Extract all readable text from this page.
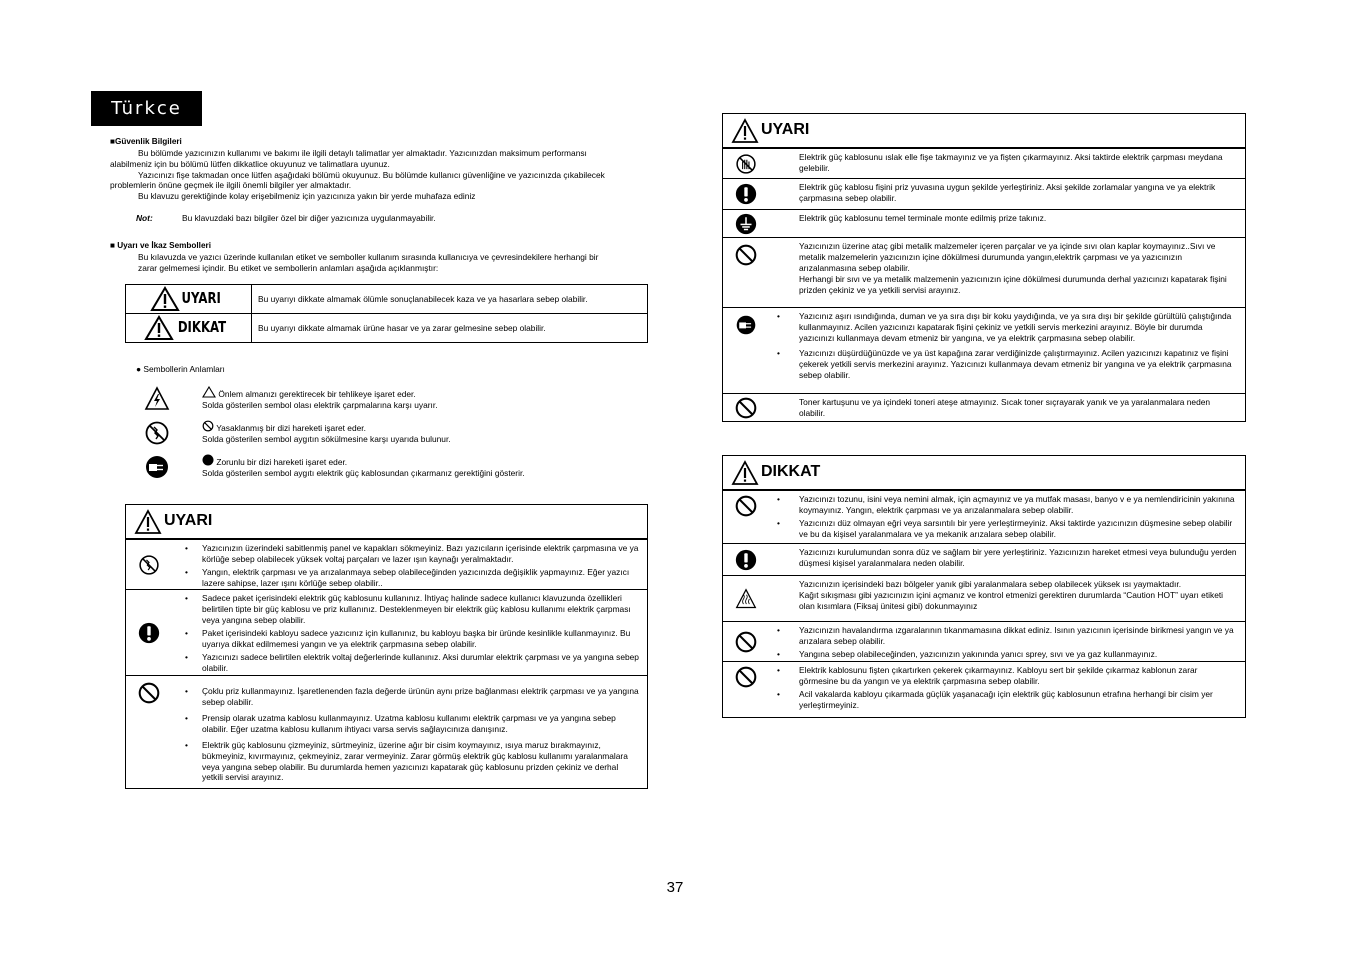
Türkce
■Güvenlik Bilgileri
Bu bölümde yazıcınızın kullanımı ve bakımı ile ilgili detaylı talimatlar yer almaktadır. Yazıcınızdan maksimum performansı
alabilmeniz için bu bölümü lütfen dikkatlice okuyunuz ve talimatlara uyunuz.
Yazıcınızı fişe takmadan once lütfen aşağıdaki bölümü okuyunuz. Bu bölümde kullanıcı güvenliğine ve yazıcınızda çıkabilecek
problemlerin önüne geçmek ile ilgili önemli bilgiler yer almaktadır.
Bu klavuzu gerektiğinde kolay erişebilmeniz için yazıcınıza yakın bir yerde muhafaza ediniz
Not:	Bu klavuzdaki bazı bilgiler özel bir diğer yazıcınıza uygulanmayabilir.
■ Uyarı ve İkaz Sembolleri
Bu kılavuzda ve yazıcı üzerinde kullanılan etiket ve semboller kullanım sırasında kullanıcıya ve çevresindekilere herhangi bir
zarar gelmemesi içindir. Bu etiket ve sembollerin anlamları aşağıda açıklanmıştır:
UYARI	Bu uyarıyı dikkate almamak ölümle sonuçlanabilecek kaza ve ya hasarlara sebep olabilir.
DIKKAT	Bu uyarıyı dikkate almamak ürüne hasar ve ya zarar gelmesine sebep olabilir.
● Sembollerin Anlamları
Önlem almanızı gerektirecek bir tehlikeye işaret eder.
Solda gösterilen sembol olası elektrik çarpmalarına karşı uyarır.
Yasaklanmış bir dizi hareketi işaret eder.
Solda gösterilen sembol aygıtın sökülmesine karşı uyarıda bulunur.
Zorunlu bir dizi hareketi işaret eder.
Solda gösterilen sembol aygıtı elektrik güç kablosundan çıkarmanız gerektiğini gösterir.
UYARI
• Yazıcınızın üzerindeki sabitlenmiş panel ve kapakları sökmeyiniz. Bazı yazıcıların içerisinde elektrik çarpmasına ve ya körlüğe sebep olabilecek yüksek voltaj parçaları ve lazer ışın kaynağı yeralmaktadır.
• Yangın, elektrik çarpması ve ya arızalanmaya sebep olabileceğinden yazıcınızda değişiklik yapmayınız. Eğer yazıcı lazere sahipse, lazer ışını körlüğe sebep olabilir..
• Sadece paket içerisindeki elektrik güç kablosunu kullanınız. İhtiyaç halinde sadece kullanıcı klavuzunda özellikleri belirtilen tipte bir güç kablosu ve priz kullanınız. Desteklenmeyen bir elektrik güç kablosu kullanımı elektrik çarpması veya yangına sebep olabilir.
• Paket içerisindeki kabloyu sadece yazıcınız için kullanınız, bu kabloyu başka bir üründe kesinlikle kullanmayınız. Bu uyarıya dikkat edilmemesi yangın ve ya elektrik çarpmasına sebep olabilir.
• Yazıcınızı sadece belirtilen elektrik voltaj değerlerinde kullanınız. Aksi durumlar elektrik çarpması ve ya yangına sebep olabilir.
• Çoklu priz kullanmayınız. İşaretlenenden fazla değerde ürünün aynı prize bağlanması elektrik çarpması ve ya yangına sebep olabilir.
• Prensip olarak uzatma kablosu kullanmayınız. Uzatma kablosu kullanımı elektrik çarpması ve ya yangına sebep olabilir. Eğer uzatma kablosu kullanım ihtiyacı varsa servis sağlayıcınıza danışınız.
• Elektrik güç kablosunu çizmeyiniz, sürtmeyiniz, üzerine ağır bir cisim koymayınız, ısıya maruz bırakmayınız, bükmeyiniz, kıvırmayınız, çekmeyiniz, zarar vermeyiniz. Zarar görmüş elektrik güç kablosu kullanımı yaralanmalara veya yangına sebep olabilir. Bu durumlarda hemen yazıcınızı kapatarak güç kablosunu prizden çekiniz ve derhal yetkili servisi arayınız.
UYARI
Elektrik güç kablosunu ıslak elle fişe takmayınız ve ya fişten çıkarmayınız. Aksi taktirde elektrik çarpması meydana gelebilir.
Elektrik güç kablosu fişini priz yuvasına uygun şekilde yerleştiriniz. Aksi şekilde zorlamalar yangına ve ya elektrik çarpmasına sebep olabilir.
Elektrik güç kablosunu temel terminale monte edilmiş prize takınız.
Yazıcınızın üzerine ataç gibi metalik malzemeler içeren parçalar ve ya içinde sıvı olan kaplar koymayınız..Sıvı ve metalik malzemelerin yazıcınızın içine dökülmesi durumunda yangın,elektrik çarpması ve ya yazıcınızın arızalanmasına sebep olabilir.
Herhangi bir sıvı ve ya metalik malzemenin yazıcınızın içine dökülmesi durumunda derhal yazıcınızı kapatarak fişini prizden çekiniz ve ya yetkili servisi arayınız.
• Yazıcınız aşırı ısındığında, duman ve ya sıra dışı bir koku yaydığında, ve ya sıra dışı bir şekilde gürültülü çalıştığında kullanmayınız. Acilen yazıcınızı kapatarak fişini çekiniz ve yetkili servis merkezini arayınız. Böyle bir durumda yazıcınızı kullanmaya devam etmeniz bir yangına, ve ya elektrik çarpmasına sebep olabilir.
• Yazıcınızı düşürdüğünüzde ve ya üst kapağına zarar verdiğinizde çalıştırmayınız. Acilen yazıcınızı kapatınız ve fişini çekerek yetkili servis merkezini arayınız. Yazıcınızı kullanmaya devam etmeniz bir yangına ve ya elektrik çarpmasına sebep olabilir.
Toner kartuşunu ve ya içindeki toneri ateşe atmayınız. Sıcak toner sıçrayarak yanık ve ya yaralanmalara neden olabilir.
DIKKAT
• Yazıcınızı tozunu, isini veya nemini almak, için açmayınız ve ya mutfak masası, banyo v e ya nemlendiricinin yakınına koymayınız. Yangın, elektrik çarpması ve ya arızalanmalara sebep olabilir.
• Yazıcınızı düz olmayan eğri veya sarsıntılı bir yere yerleştirmeyiniz. Aksi taktirde yazıcınızın düşmesine sebep olabilir ve bu da kişisel yaralanmalara ve ya mekanik arızalara sebep olabilir.
Yazıcınızı kurulumundan sonra düz ve sağlam bir yere yerleştiriniz. Yazıcınızın hareket etmesi veya bulunduğu yerden düşmesi kişisel yaralanmalara neden olabilir.
Yazıcınızın içerisindeki bazı bölgeler yanık gibi yaralanmalara sebep olabilecek yüksek ısı yaymaktadır.
Kağıt sıkışması gibi yazıcınızın içini açmanız ve kontrol etmenizi gerektiren durumlarda “Caution HOT” uyarı etiketi olan kısımlara (Fiksaj ünitesi gibi) dokunmayınız
• Yazıcınızın havalandırma ızgaralarının tıkanmamasına dikkat ediniz. Isının yazıcının içerisinde birikmesi yangın ve ya arızalara sebep olabilir.
• Yangına sebep olabileceğinden, yazıcınızın yakınında yanıcı sprey, sıvı ve ya gaz kullanmayınız.
• Elektrik kablosunu fişten çıkartırken çekerek çıkarmayınız. Kabloyu sert bir şekilde çıkarmaz kablonun zarar görmesine bu da yangın ve ya elektrik çarpmasına sebep olabilir.
• Acil vakalarda kabloyu çıkarmada güçlük yaşanacağı için elektrik güç kablosunun etrafına herhangi bir cisim yer yerleştirmeyiniz.
37
